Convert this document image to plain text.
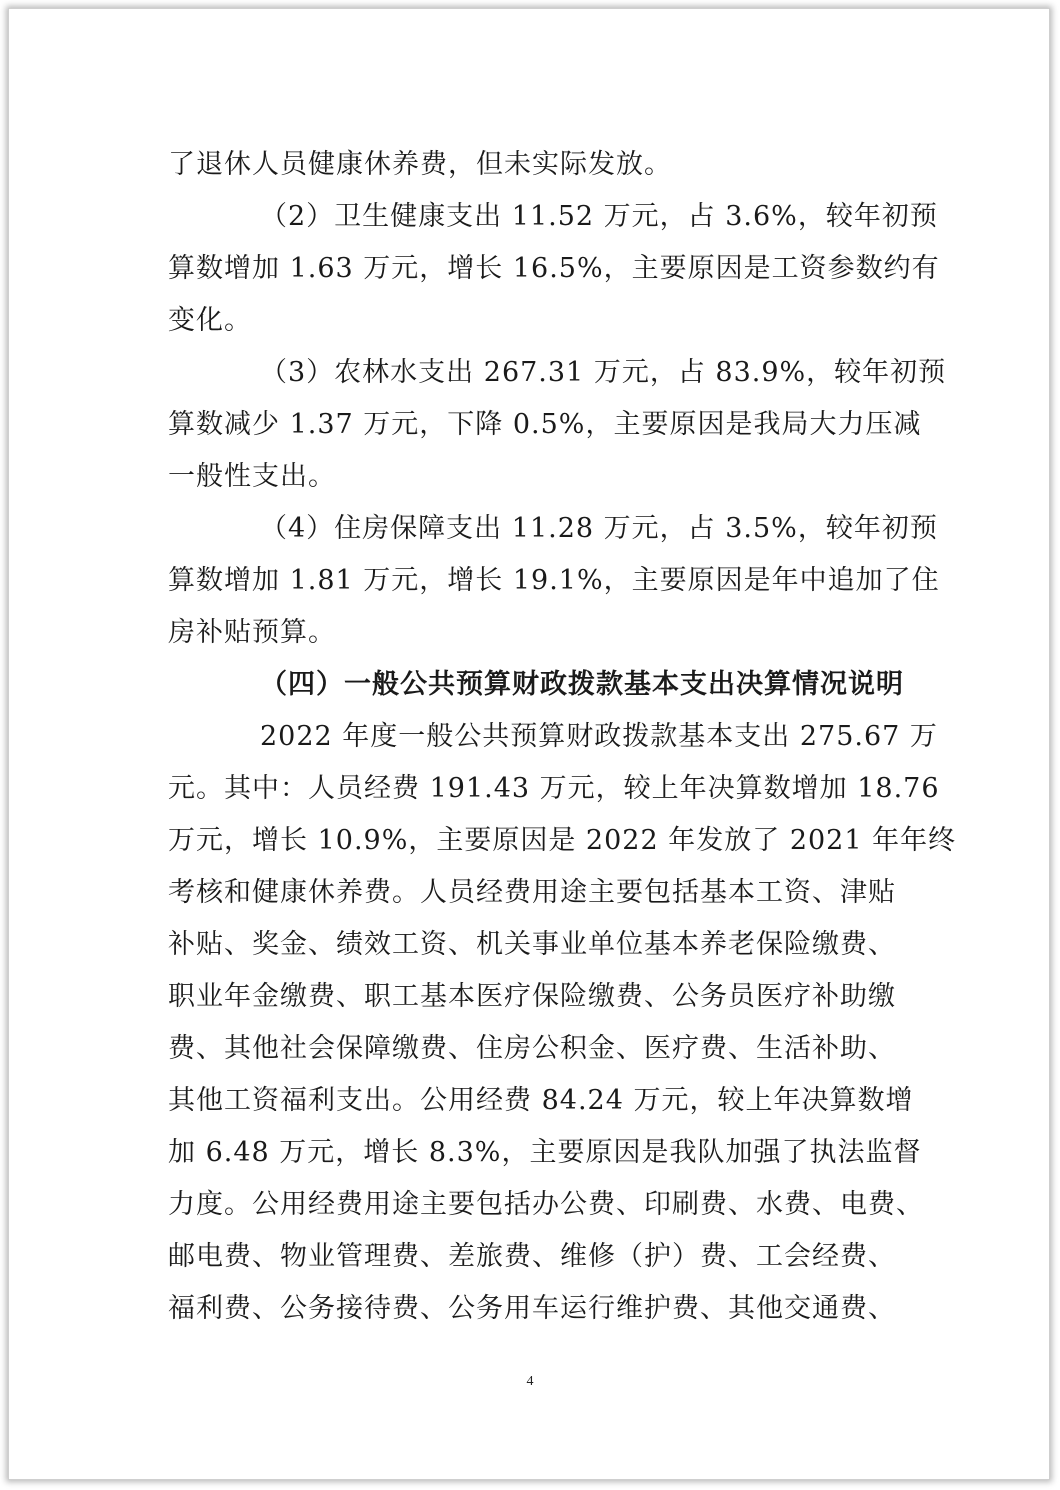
了退休人员健康休养费，但未实际发放。
（2）卫生健康支出 11.52 万元，占 3.6%，较年初预
算数增加 1.63 万元，增长 16.5%，主要原因是工资参数约有
变化。
（3）农林水支出 267.31 万元，占 83.9%，较年初预
算数减少 1.37 万元，下降 0.5%，主要原因是我局大力压减
一般性支出。
（4）住房保障支出 11.28 万元，占 3.5%，较年初预
算数增加 1.81 万元，增长 19.1%，主要原因是年中追加了住
房补贴预算。
（四）一般公共预算财政拨款基本支出决算情况说明
2022 年度一般公共预算财政拨款基本支出 275.67 万
元。其中：人员经费 191.43 万元，较上年决算数增加 18.76
万元，增长 10.9%，主要原因是 2022 年发放了 2021 年年终
考核和健康休养费。人员经费用途主要包括基本工资、津贴
补贴、奖金、绩效工资、机关事业单位基本养老保险缴费、
职业年金缴费、职工基本医疗保险缴费、公务员医疗补助缴
费、其他社会保障缴费、住房公积金、医疗费、生活补助、
其他工资福利支出。公用经费 84.24 万元，较上年决算数增
加 6.48 万元，增长 8.3%，主要原因是我队加强了执法监督
力度。公用经费用途主要包括办公费、印刷费、水费、电费、
邮电费、物业管理费、差旅费、维修（护）费、工会经费、
福利费、公务接待费、公务用车运行维护费、其他交通费、
4
